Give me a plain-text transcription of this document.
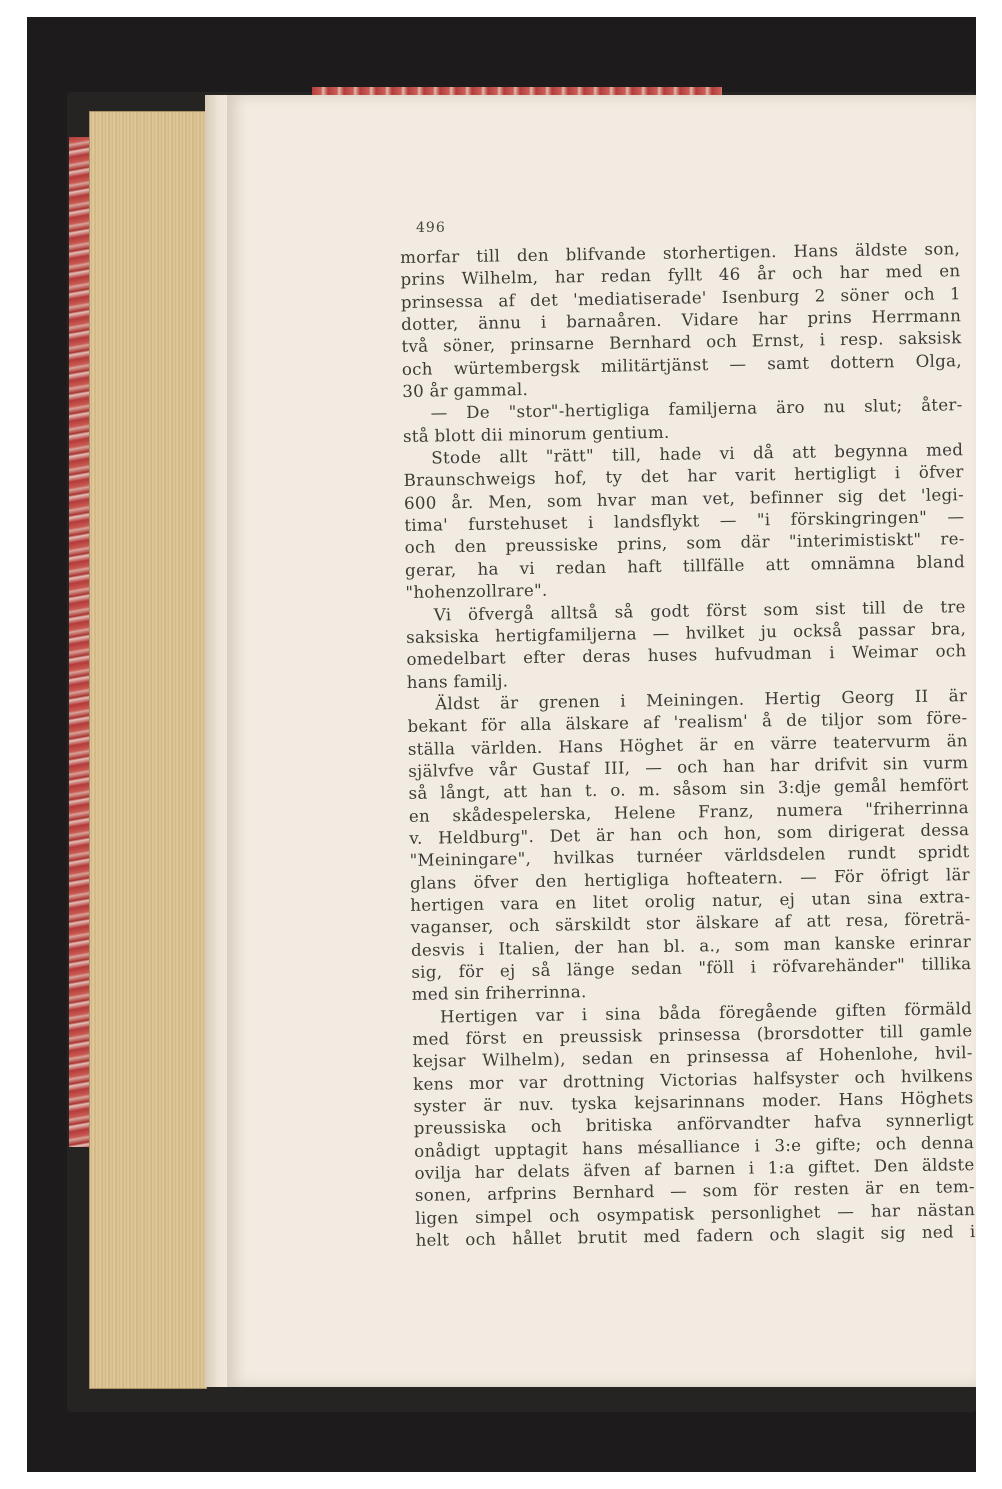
496
morfar till den blifvande storhertigen. Hans äldste son,
prins Wilhelm, har redan fyllt 46 år och har med en
prinsessa af det 'mediatiserade' Isenburg 2 söner och 1
dotter, ännu i barnaåren. Vidare har prins Herrmann
två söner, prinsarne Bernhard och Ernst, i resp. saksisk
och würtembergsk militärtjänst — samt dottern Olga,
30 år gammal.
— De "stor"-hertigliga familjerna äro nu slut; åter-
stå blott dii minorum gentium.
Stode allt "rätt" till, hade vi då att begynna med
Braunschweigs hof, ty det har varit hertigligt i öfver
600 år. Men, som hvar man vet, befinner sig det 'legi-
tima' furstehuset i landsflykt — "i förskingringen" —
och den preussiske prins, som där "interimistiskt" re-
gerar, ha vi redan haft tillfälle att omnämna bland
"hohenzollrare".
Vi öfvergå alltså så godt först som sist till de tre
saksiska hertigfamiljerna — hvilket ju också passar bra,
omedelbart efter deras huses hufvudman i Weimar och
hans familj.
Äldst är grenen i Meiningen. Hertig Georg II är
bekant för alla älskare af 'realism' å de tiljor som före-
ställa världen. Hans Höghet är en värre teatervurm än
självfve vår Gustaf III, — och han har drifvit sin vurm
så långt, att han t. o. m. såsom sin 3:dje gemål hemfört
en skådespelerska, Helene Franz, numera "friherrinna
v. Heldburg". Det är han och hon, som dirigerat dessa
"Meiningare", hvilkas turnéer världsdelen rundt spridt
glans öfver den hertigliga hofteatern. — För öfrigt lär
hertigen vara en litet orolig natur, ej utan sina extra-
vaganser, och särskildt stor älskare af att resa, företrä-
desvis i Italien, der han bl. a., som man kanske erinrar
sig, för ej så länge sedan "föll i röfvarehänder" tillika
med sin friherrinna.
Hertigen var i sina båda föregående giften förmäld
med först en preussisk prinsessa (brorsdotter till gamle
kejsar Wilhelm), sedan en prinsessa af Hohenlohe, hvil-
kens mor var drottning Victorias halfsyster och hvilkens
syster är nuv. tyska kejsarinnans moder. Hans Höghets
preussiska och britiska anförvandter hafva synnerligt
onådigt upptagit hans mésalliance i 3:e gifte; och denna
ovilja har delats äfven af barnen i 1:a giftet. Den äldste
sonen, arfprins Bernhard — som för resten är en tem-
ligen simpel och osympatisk personlighet — har nästan
helt och hållet brutit med fadern och slagit sig ned i
